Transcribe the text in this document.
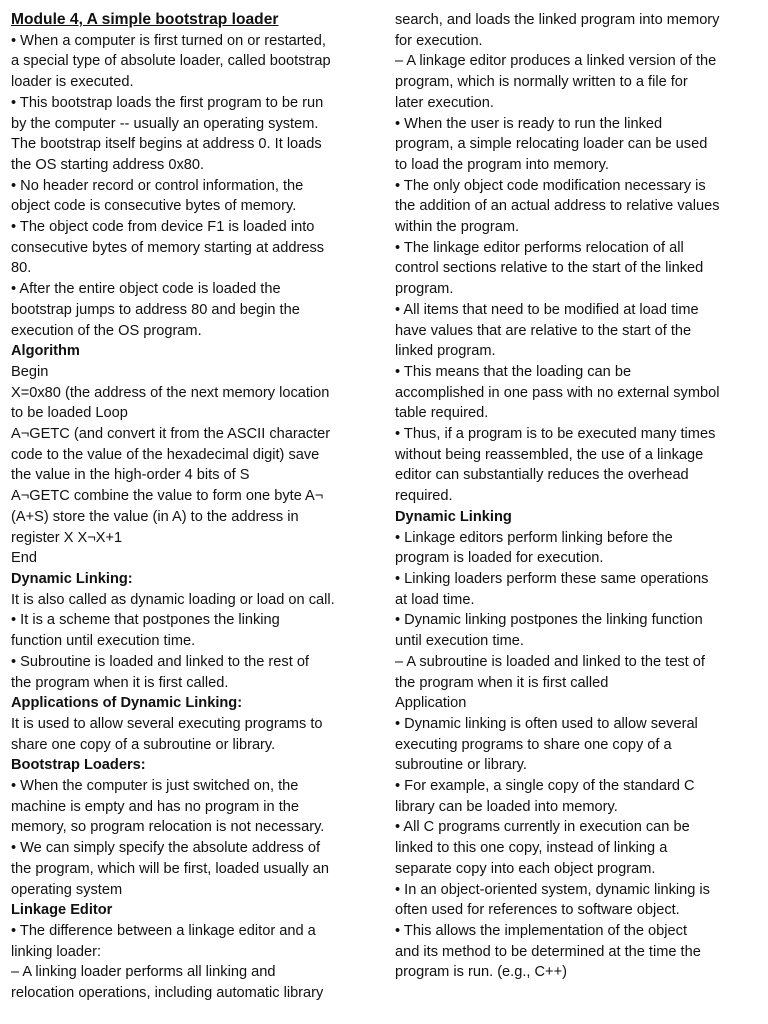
Module 4, A simple bootstrap loader
• When a computer is first turned on or restarted,
a special type of absolute loader, called bootstrap
loader is executed.
• This bootstrap loads the first program to be run
by the computer -- usually an operating system.
The bootstrap itself begins at address 0. It loads
the OS starting address 0x80.
• No header record or control information, the
object code is consecutive bytes of memory.
• The object code from device F1 is loaded into
consecutive bytes of memory starting at address
80.
• After the entire object code is loaded the
bootstrap jumps to address 80 and begin the
execution of the OS program.
Algorithm
Begin
X=0x80 (the address of the next memory location
to be loaded Loop
A¬GETC (and convert it from the ASCII character
code to the value of the hexadecimal digit) save
the value in the high-order 4 bits of S
A¬GETC combine the value to form one byte A¬
(A+S) store the value (in A) to the address in
register X X¬X+1
End
Dynamic Linking:
It is also called as dynamic loading or load on call.
• It is a scheme that postpones the linking
function until execution time.
• Subroutine is loaded and linked to the rest of
the program when it is first called.
Applications of Dynamic Linking:
It is used to allow several executing programs to
share one copy of a subroutine or library.
Bootstrap Loaders:
• When the computer is just switched on, the
machine is empty and has no program in the
memory, so program relocation is not necessary.
• We can simply specify the absolute address of
the program, which will be first, loaded usually an
operating system
Linkage Editor
• The difference between a linkage editor and a
linking loader:
– A linking loader performs all linking and
relocation operations, including automatic library
search, and loads the linked program into memory
for execution.
– A linkage editor produces a linked version of the
program, which is normally written to a file for
later execution.
• When the user is ready to run the linked
program, a simple relocating loader can be used
to load the program into memory.
• The only object code modification necessary is
the addition of an actual address to relative values
within the program.
• The linkage editor performs relocation of all
control sections relative to the start of the linked
program.
• All items that need to be modified at load time
have values that are relative to the start of the
linked program.
• This means that the loading can be
accomplished in one pass with no external symbol
table required.
• Thus, if a program is to be executed many times
without being reassembled, the use of a linkage
editor can substantially reduces the overhead
required.
Dynamic Linking
• Linkage editors perform linking before the
program is loaded for execution.
• Linking loaders perform these same operations
at load time.
• Dynamic linking postpones the linking function
until execution time.
– A subroutine is loaded and linked to the test of
the program when it is first called
Application
• Dynamic linking is often used to allow several
executing programs to share one copy of a
subroutine or library.
• For example, a single copy of the standard C
library can be loaded into memory.
• All C programs currently in execution can be
linked to this one copy, instead of linking a
separate copy into each object program.
• In an object-oriented system, dynamic linking is
often used for references to software object.
• This allows the implementation of the object
and its method to be determined at the time the
program is run. (e.g., C++)
